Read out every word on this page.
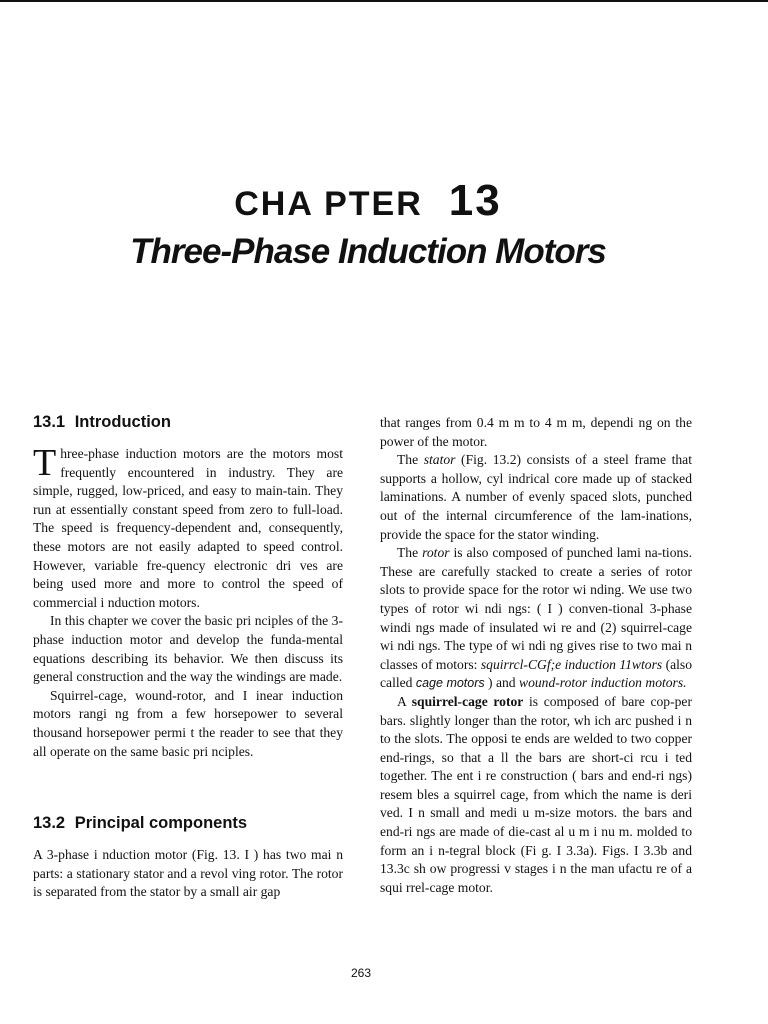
CHA PTER 13
Three-Phase Induction Motors
13.1 Introduction

Three-phase induction motors are the motors most frequently encountered in industry. They are simple, rugged, low-priced, and easy to main-tain. They run at essentially constant speed from zero to full-load. The speed is frequency-dependent and, consequently, these motors are not easily adapted to speed control. However, variable fre-quency electronic dri ves are being used more and more to control the speed of commercial i nduction motors.

In this chapter we cover the basic pri nciples of the 3-phase induction motor and develop the funda-mental equations describing its behavior. We then discuss its general construction and the way the windings are made.

Squirrel-cage, wound-rotor, and I inear induction motors rangi ng from a few horsepower to several thousand horsepower permi t the reader to see that they all operate on the same basic pri nciples.

13.2 Principal components

A 3-phase i nduction motor (Fig. 13. I ) has two mai n parts: a stationary stator and a revol ving rotor. The rotor is separated from the stator by a small air gap

that ranges from 0.4 m m to 4 m m, dependi ng on the power of the motor.

The stator (Fig. 13.2) consists of a steel frame that supports a hollow, cyl indrical core made up of stacked laminations. A number of evenly spaced slots, punched out of the internal circumference of the lam-inations, provide the space for the stator winding.

The rotor is also composed of punched lami na-tions. These are carefully stacked to create a series of rotor slots to provide space for the rotor wi nding. We use two types of rotor wi ndi ngs: ( I ) conven-tional 3-phase windi ngs made of insulated wi re and (2) squirrel-cage wi ndi ngs. The type of wi ndi ng gives rise to two mai n classes of motors: squirrcl-CGf;e induction 11wtors (also called cage motors ) and wound-rotor induction motors.

A squirrel-cage rotor is composed of bare cop-per bars. slightly longer than the rotor, wh ich arc pushed i n to the slots. The opposi te ends are welded to two copper end-rings, so that a ll the bars are short-ci rcu i ted together. The ent i re construction ( bars and end-ri ngs) resem bles a squirrel cage, from which the name is deri ved. I n small and medi u m-size motors. the bars and end-ri ngs are made of die-cast al u m i nu m. molded to form an i n-tegral block (Fi g. I 3.3a). Figs. I 3.3b and 13.3c sh ow progressi v stages i n the man ufactu re of a squi rrel-cage motor.

263
